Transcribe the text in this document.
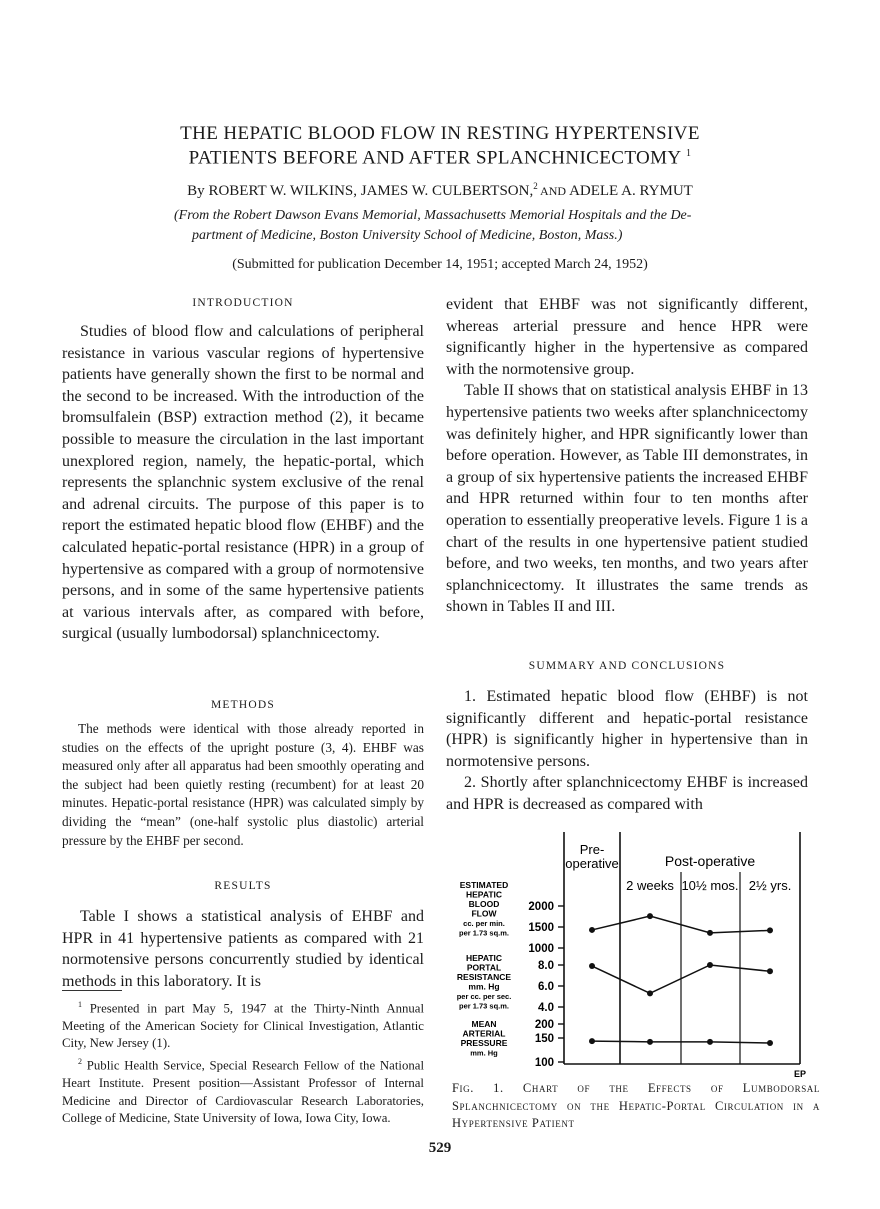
THE HEPATIC BLOOD FLOW IN RESTING HYPERTENSIVE
PATIENTS BEFORE AND AFTER SPLANCHNICECTOMY $^1$
By ROBERT W. WILKINS, JAMES W. CULBERTSON,$^2$ AND ADELE A. RYMUT
(From the Robert Dawson Evans Memorial, Massachusetts Memorial Hospitals and the De-
partment of Medicine, Boston University School of Medicine, Boston, Mass.)
(Submitted for publication December 14, 1951; accepted March 24, 1952)
INTRODUCTION

Studies of blood flow and calculations of peripheral resistance in various vascular regions of hypertensive patients have generally shown the first to be normal and the second to be increased. With the introduction of the bromsulfalein (BSP) extraction method (2), it became possible to measure the circulation in the last important unexplored region, namely, the hepatic-portal, which represents the splanchnic system exclusive of the renal and adrenal circuits. The purpose of this paper is to report the estimated hepatic blood flow (EHBF) and the calculated hepatic-portal resistance (HPR) in a group of hypertensive as compared with a group of normotensive persons, and in some of the same hypertensive patients at various intervals after, as compared with before, surgical (usually lumbodorsal) splanchnicectomy.

METHODS

The methods were identical with those already reported in studies on the effects of the upright posture (3, 4). EHBF was measured only after all apparatus had been smoothly operating and the subject had been quietly resting (recumbent) for at least 20 minutes. Hepatic-portal resistance (HPR) was calculated simply by dividing the “mean” (one-half systolic plus diastolic) arterial pressure by the EHBF per second.

RESULTS

Table I shows a statistical analysis of EHBF and HPR in 41 hypertensive patients as compared with 21 normotensive persons concurrently studied by identical methods in this laboratory. It is

$^1$ Presented in part May 5, 1947 at the Thirty-Ninth Annual Meeting of the American Society for Clinical Investigation, Atlantic City, New Jersey (1).

$^2$ Public Health Service, Special Research Fellow of the National Heart Institute. Present position—Assistant Professor of Internal Medicine and Director of Cardiovascular Research Laboratories, College of Medicine, State University of Iowa, Iowa City, Iowa.

evident that EHBF was not significantly different, whereas arterial pressure and hence HPR were significantly higher in the hypertensive as compared with the normotensive group.

Table II shows that on statistical analysis EHBF in 13 hypertensive patients two weeks after splanchnicectomy was definitely higher, and HPR significantly lower than before operation. However, as Table III demonstrates, in a group of six hypertensive patients the increased EHBF and HPR returned within four to ten months after operation to essentially preoperative levels. Figure 1 is a chart of the results in one hypertensive patient studied before, and two weeks, ten months, and two years after splanchnicectomy. It illustrates the same trends as shown in Tables II and III.

SUMMARY AND CONCLUSIONS

1. Estimated hepatic blood flow (EHBF) is not significantly different and hepatic-portal resistance (HPR) is significantly higher in hypertensive than in normotensive persons.

2. Shortly after splanchnicectomy EHBF is increased and HPR is decreased as compared with

Pre-
operative	Post-operative
2 weeks 10½ mos. 2½ yrs.
2000
1500
1000
ESTIMATED
HEPATIC
BLOOD
FLOW
cc. per min.
per 1.73 sq.m.
8.0
6.0
4.0
HEPATIC
PORTAL
RESISTANCE
mm. Hg
per cc. per sec.
per 1.73 sq.m.
200
150
100
MEAN
ARTERIAL
PRESSURE
mm. Hg
EP
Fig. 1. Chart of the Effects of Lumbodorsal Splanchnicectomy on the Hepatic-Portal Circulation in a Hypertensive Patient
529
